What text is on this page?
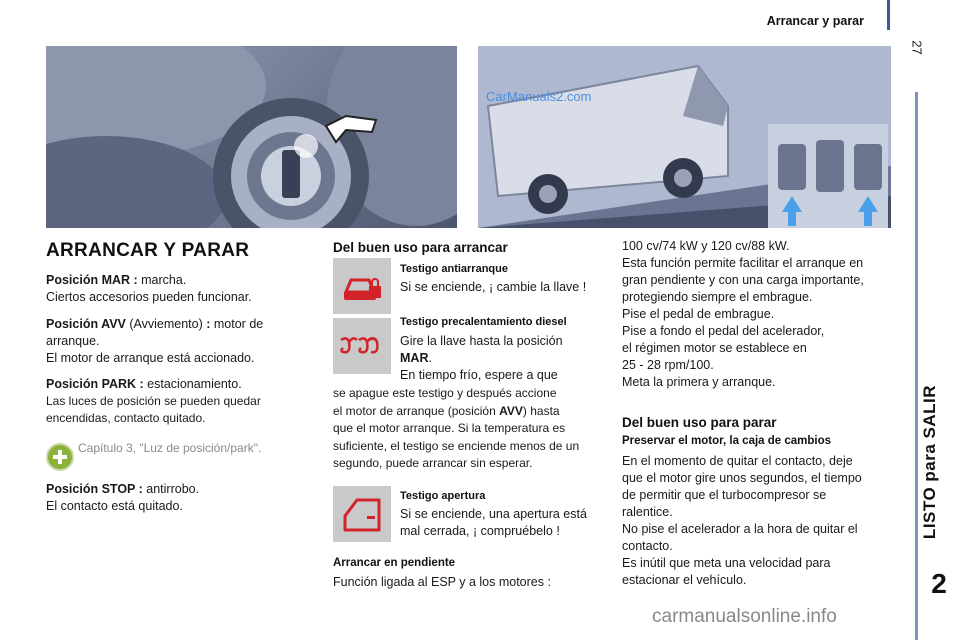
Arrancar y parar
27
LISTO para SALIR
2
CarManuals2.com
ARRANCAR Y PARAR
Posición MAR : marcha.
Ciertos accesorios pueden funcionar.
Posición AVV (Avviemento) : motor de
arranque.
El motor de arranque está accionado.
Posición PARK : estacionamiento.
Las luces de posición se pueden quedar
encendidas, contacto quitado.
Capítulo 3, "Luz de posición/park".
Posición STOP : antirrobo.
El contacto está quitado.
Del buen uso para arrancar
Testigo antiarranque
Si se enciende, ¡ cambie la llave !
Testigo precalentamiento diesel
Gire la llave hasta la posición
MAR.
En tiempo frío, espere a que
se apague este testigo y después accione
el motor de arranque (posición AVV) hasta
que el motor arranque. Si la temperatura es
suficiente, el testigo se enciende menos de un
segundo, puede arrancar sin esperar.
Testigo apertura
Si se enciende, una apertura está
mal cerrada, ¡ compruébelo !
Arrancar en pendiente
Función ligada al ESP y a los motores :
100 cv/74 kW y 120 cv/88 kW.
Esta función permite facilitar el arranque en
gran pendiente y con una carga importante,
protegiendo siempre el embrague.
Pise el pedal de embrague.
Pise a fondo el pedal del acelerador,
el régimen motor se establece en
25 - 28 rpm/100.
Meta la primera y arranque.
Del buen uso para parar
Preservar el motor, la caja de cambios
En el momento de quitar el contacto, deje
que el motor gire unos segundos, el tiempo
de permitir que el turbocompresor se
ralentice.
No pise el acelerador a la hora de quitar el
contacto.
Es inútil que meta una velocidad para
estacionar el vehículo.
carmanualsonline.info
